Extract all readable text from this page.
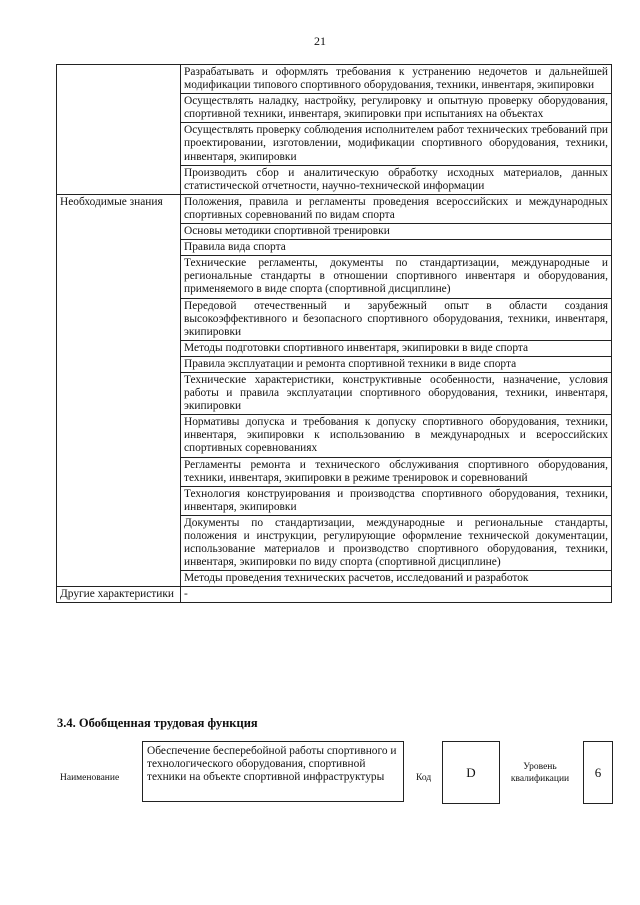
21
	Разрабатывать и оформлять требования к устранению недочетов и дальнейшей модификации типового спортивного оборудования, техники, инвентаря, экипировки
	Осуществлять наладку, настройку, регулировку и опытную проверку оборудования, спортивной техники, инвентаря, экипировки при испытаниях на объектах
	Осуществлять проверку соблюдения исполнителем работ технических требований при проектировании, изготовлении, модификации спортивного оборудования, техники, инвентаря, экипировки
	Производить сбор и аналитическую обработку исходных материалов, данных статистической отчетности, научно-технической информации
Необходимые знания	Положения, правила и регламенты проведения всероссийских и международных спортивных соревнований по видам спорта
	Основы методики спортивной тренировки
	Правила вида спорта
	Технические регламенты, документы по стандартизации, международные и региональные стандарты в отношении спортивного инвентаря и оборудования, применяемого в виде спорта (спортивной дисциплине)
	Передовой отечественный и зарубежный опыт в области создания высокоэффективного и безопасного спортивного оборудования, техники, инвентаря, экипировки
	Методы подготовки спортивного инвентаря, экипировки в виде спорта
	Правила эксплуатации и ремонта спортивной техники в виде спорта
	Технические характеристики, конструктивные особенности, назначение, условия работы и правила эксплуатации спортивного оборудования, техники, инвентаря, экипировки
	Нормативы допуска и требования к допуску спортивного оборудования, техники, инвентаря, экипировки к использованию в международных и всероссийских спортивных соревнованиях
	Регламенты ремонта и технического обслуживания спортивного оборудования, техники, инвентаря, экипировки в режиме тренировок и соревнований
	Технология конструирования и производства спортивного оборудования, техники, инвентаря, экипировки
	Документы по стандартизации, международные и региональные стандарты, положения и инструкции, регулирующие оформление технической документации, использование материалов и производство спортивного оборудования, техники, инвентаря, экипировки по виду спорта (спортивной дисциплине)
	Методы проведения технических расчетов, исследований и разработок
Другие характеристики	-
3.4. Обобщенная трудовая функция
Наименование
Обеспечение бесперебойной работы спортивного и технологического оборудования, спортивной техники на объекте спортивной инфраструктуры	Код	D	Уровень квалификации	6
